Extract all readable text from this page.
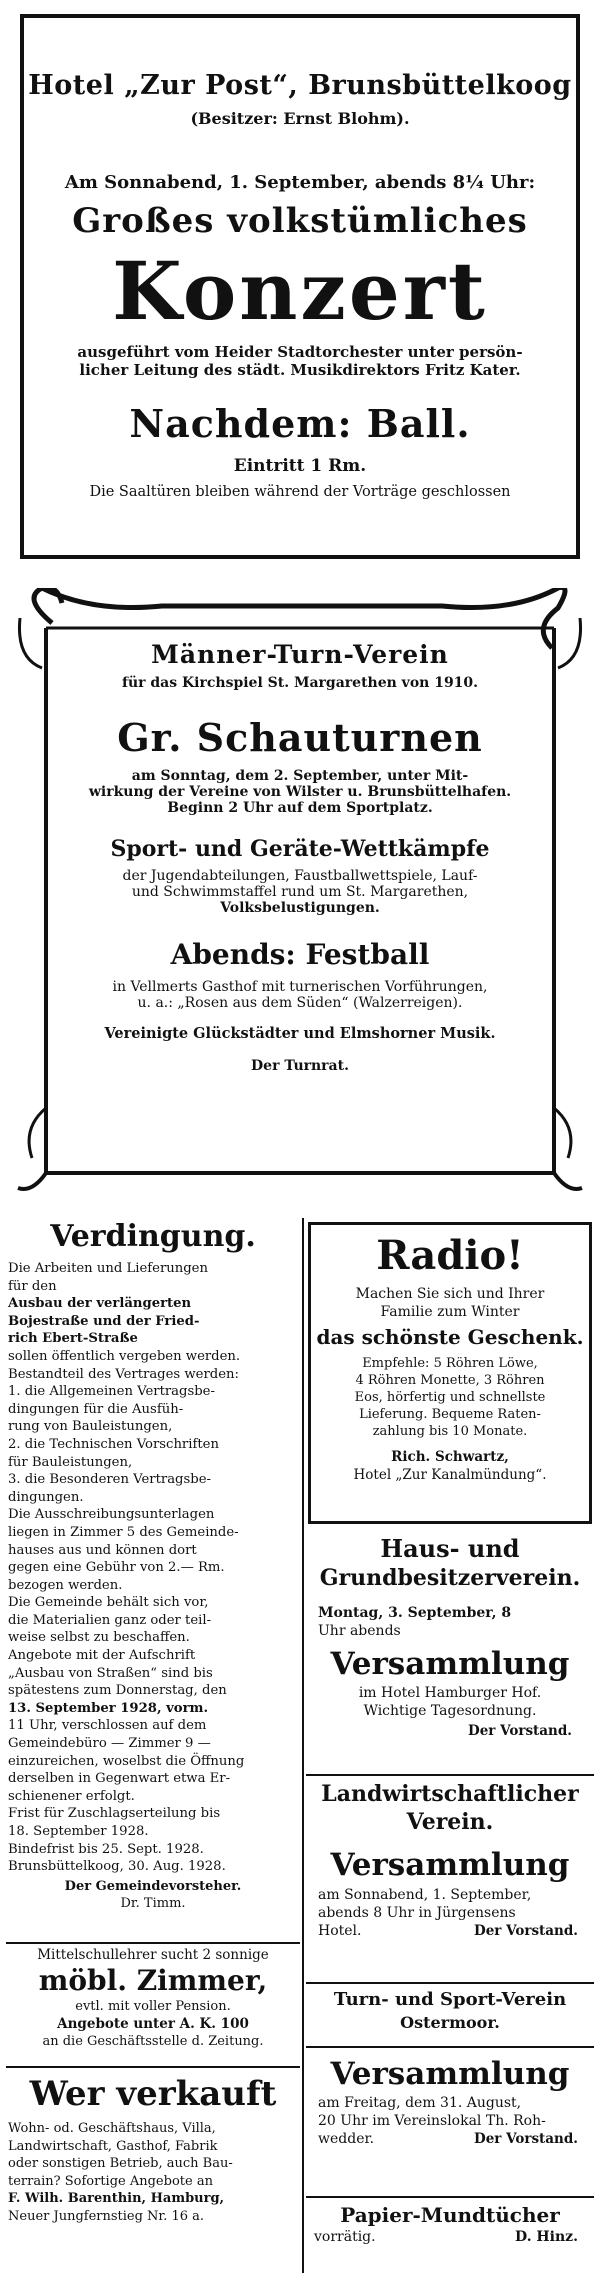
Hotel „Zur Post“, Brunsbüttelkoog
(Besitzer: Ernst Blohm).
Am Sonnabend, 1. September, abends 8¼ Uhr:
Großes volkstümliches
Konzert
ausgeführt vom Heider Stadtorchester unter persön-
licher Leitung des städt. Musikdirektors Fritz Kater.
Nachdem: Ball.
Eintritt 1 Rm.
Die Saaltüren bleiben während der Vorträge geschlossen
Männer-Turn-Verein
für das Kirchspiel St. Margarethen von 1910.
Gr. Schauturnen
am Sonntag, dem 2. September, unter Mit-
wirkung der Vereine von Wilster u. Brunsbüttelhafen.
Beginn 2 Uhr auf dem Sportplatz.
Sport- und Geräte-Wettkämpfe
der Jugendabteilungen, Faustballwettspiele, Lauf-
und Schwimmstaffel rund um St. Margarethen,
Volksbelustigungen.
Abends: Festball
in Vellmerts Gasthof mit turnerischen Vorführungen,
u. a.: „Rosen aus dem Süden“ (Walzerreigen).
Vereinigte Glückstädter und Elmshorner Musik.
Der Turnrat.
Verdingung.
Die Arbeiten und Lieferungen
für den
Ausbau der verlängerten
Bojestraße und der Fried-
rich Ebert-Straße
sollen öffentlich vergeben werden.
Bestandteil des Vertrages werden:
1. die Allgemeinen Vertragsbe-
dingungen für die Ausfüh-
rung von Bauleistungen,
2. die Technischen Vorschriften
für Bauleistungen,
3. die Besonderen Vertragsbe-
dingungen.
Die Ausschreibungsunterlagen
liegen in Zimmer 5 des Gemeinde-
hauses aus und können dort
gegen eine Gebühr von 2.— Rm.
bezogen werden.
Die Gemeinde behält sich vor,
die Materialien ganz oder teil-
weise selbst zu beschaffen.
Angebote mit der Aufschrift
„Ausbau von Straßen“ sind bis
spätestens zum Donnerstag, den
13. September 1928, vorm.
11 Uhr, verschlossen auf dem
Gemeindebüro — Zimmer 9 —
einzureichen, woselbst die Öffnung
derselben in Gegenwart etwa Er-
schienener erfolgt.
Frist für Zuschlagserteilung bis
18. September 1928.
Bindefrist bis 25. Sept. 1928.
Brunsbüttelkoog, 30. Aug. 1928.
Der Gemeindevorsteher.
Dr. Timm.
Mittelschullehrer sucht 2 sonnige
möbl. Zimmer,
evtl. mit voller Pension.
Angebote unter A. K. 100
an die Geschäftsstelle d. Zeitung.
Wer verkauft
Wohn- od. Geschäftshaus, Villa,
Landwirtschaft, Gasthof, Fabrik
oder sonstigen Betrieb, auch Bau-
terrain? Sofortige Angebote an
F. Wilh. Barenthin, Hamburg,
Neuer Jungfernstieg Nr. 16 a.
Radio!
Machen Sie sich und Ihrer
Familie zum Winter
das schönste Geschenk.
Empfehle: 5 Röhren Löwe,
4 Röhren Monette, 3 Röhren
Eos, hörfertig und schnellste
Lieferung. Bequeme Raten-
zahlung bis 10 Monate.
Rich. Schwartz,
Hotel „Zur Kanalmündung“.
Haus- und
Grundbesitzerverein.
Montag, 3. September, 8
Uhr abends
Versammlung
im Hotel Hamburger Hof.
Wichtige Tagesordnung.
Der Vorstand.
Landwirtschaftlicher
Verein.
Versammlung
am Sonnabend, 1. September,
abends 8 Uhr in Jürgensens
Hotel.	Der Vorstand.
Turn- und Sport-Verein
Ostermoor.
Versammlung
am Freitag, dem 31. August,
20 Uhr im Vereinslokal Th. Roh-
wedder.	Der Vorstand.
Papier-Mundtücher
vorrätig.	D. Hinz.
